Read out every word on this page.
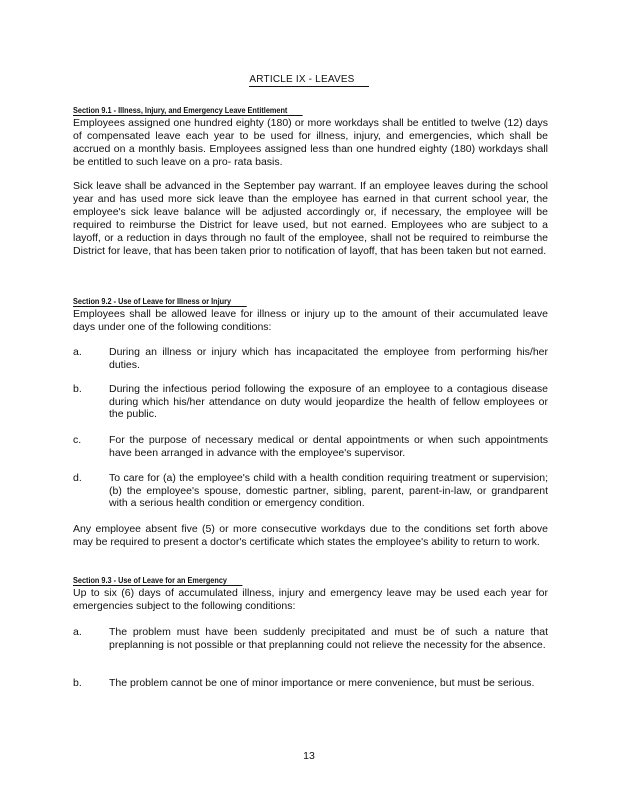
ARTICLE IX - LEAVES
Section 9.1 - Illness, Injury, and Emergency Leave Entitlement

Employees assigned one hundred eighty (180) or more workdays shall be entitled to twelve (12) days of compensated leave each year to be used for illness, injury, and emergencies, which shall be accrued on a monthly basis. Employees assigned less than one hundred eighty (180) workdays shall be entitled to such leave on a pro- rata basis.

Sick leave shall be advanced in the September pay warrant. If an employee leaves during the school year and has used more sick leave than the employee has earned in that current school year, the employee's sick leave balance will be adjusted accordingly or, if necessary, the employee will be required to reimburse the District for leave used, but not earned. Employees who are subject to a layoff, or a reduction in days through no fault of the employee, shall not be required to reimburse the District for leave, that has been taken prior to notification of layoff, that has been taken but not earned.

Section 9.2 - Use of Leave for Illness or Injury

Employees shall be allowed leave for illness or injury up to the amount of their accumulated leave days under one of the following conditions:

a.	During an illness or injury which has incapacitated the employee from performing his/her duties.

b.	During the infectious period following the exposure of an employee to a contagious disease during which his/her attendance on duty would jeopardize the health of fellow employees or the public.

c.	For the purpose of necessary medical or dental appointments or when such appointments have been arranged in advance with the employee's supervisor.

d.	To care for (a) the employee's child with a health condition requiring treatment or supervision; (b) the employee's spouse, domestic partner, sibling, parent, parent-in-law, or grandparent with a serious health condition or emergency condition.

Any employee absent five (5) or more consecutive workdays due to the conditions set forth above may be required to present a doctor's certificate which states the employee's ability to return to work.

Section 9.3 - Use of Leave for an Emergency

Up to six (6) days of accumulated illness, injury and emergency leave may be used each year for emergencies subject to the following conditions:

a.	The problem must have been suddenly precipitated and must be of such a nature that preplanning is not possible or that preplanning could not relieve the necessity for the absence.

b.	The problem cannot be one of minor importance or mere convenience, but must be serious.

13
